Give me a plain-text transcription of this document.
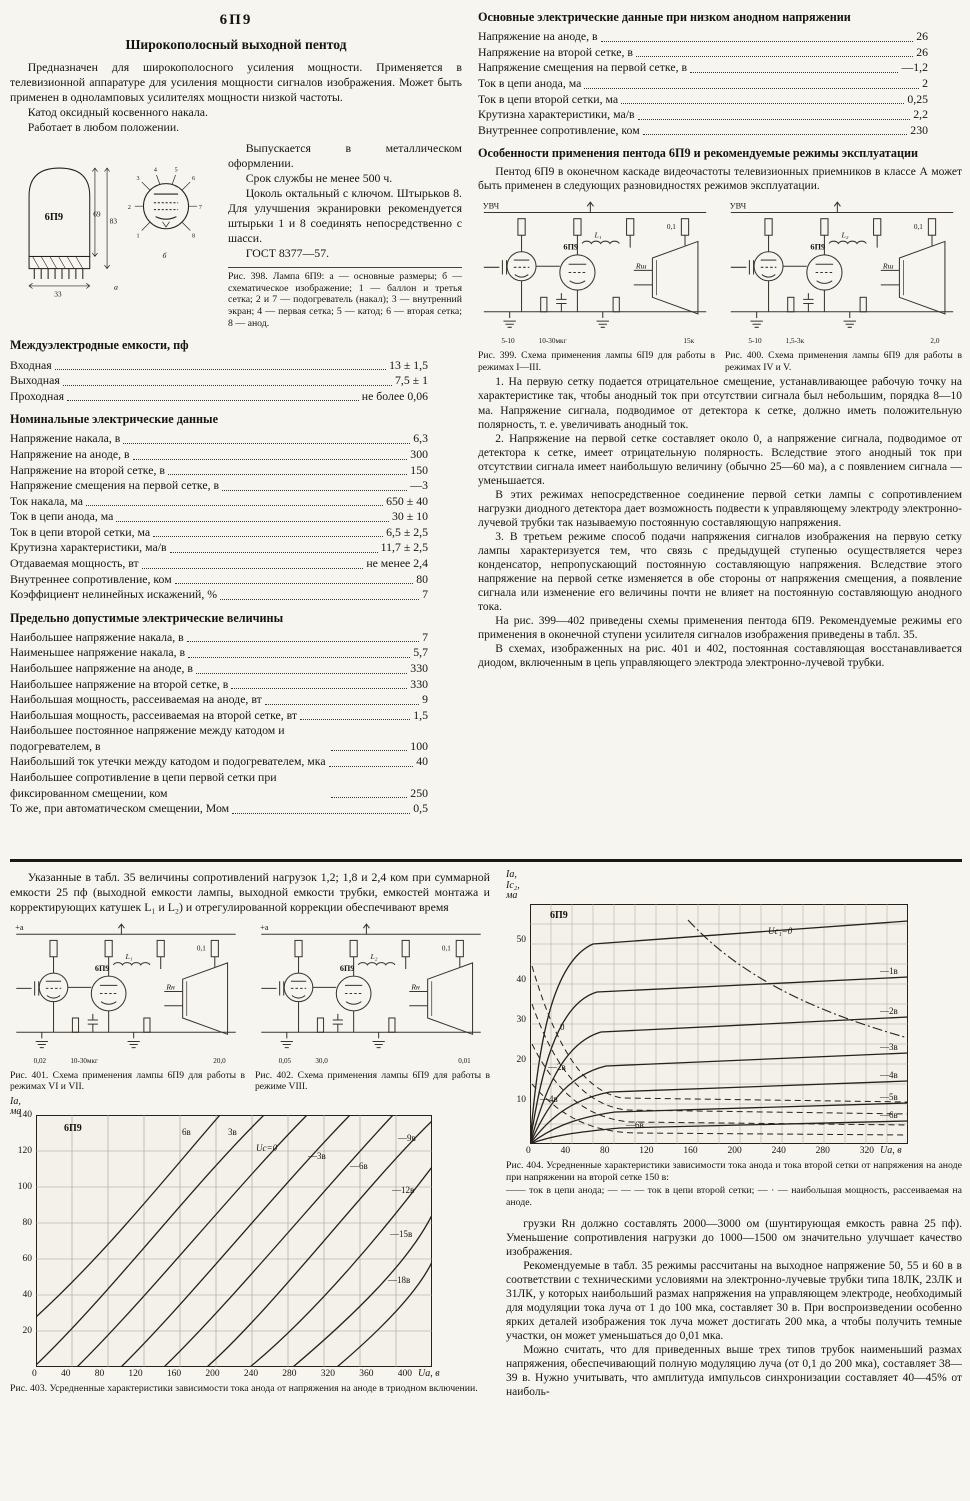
6П9
Широкополосный выходной пентод

Предназначен для широкополосного усиления мощности. Применяется в телевизионной аппаратуре для усиления мощности сигналов изображения. Может быть применен в одноламповых усилителях мощности низкой частоты.

Катод оксидный косвенного накала.

Работает в любом положении.

6П9	69
83
33
а
б
1
2
3
4	5
6
7
8

Выпускается в металлическом оформлении.

Срок службы не менее 500 ч.

Цоколь октальный с ключом. Штырьков 8. Для улучшения экранировки рекомендуется штырьки 1 и 8 соединять непосредственно с шасси.

ГОСТ 8377—57.

Рис. 398. Лампа 6П9: а — основные размеры; б — схематическое изображение; 1 — баллон и третья сетка; 2 и 7 — подогреватель (накал); 3 — внутренний экран; 4 — первая сетка; 5 — катод; 6 — вторая сетка; 8 — анод.
Междуэлектродные емкости, пф
Входная	13 ± 1,5
Выходная	7,5 ± 1
Проходная	не более 0,06
Номинальные электрические данные
Напряжение накала, в	6,3
Напряжение на аноде, в	300
Напряжение на второй сетке, в	150
Напряжение смещения на первой сетке, в	—3
Ток накала, ма	650 ± 40
Ток в цепи анода, ма	30 ± 10
Ток в цепи второй сетки, ма	6,5 ± 2,5
Крутизна характеристики, ма/в	11,7 ± 2,5
Отдаваемая мощность, вт	не менее 2,4
Внутреннее сопротивление, ком	80
Коэффициент нелинейных искажений, %	7
Предельно допустимые электрические величины
Наибольшее напряжение накала, в	7
Наименьшее напряжение накала, в	5,7
Наибольшее напряжение на аноде, в	330
Наибольшее напряжение на второй сетке, в	330
Наибольшая мощность, рассеиваемая на аноде, вт	9
Наибольшая мощность, рассеиваемая на второй сетке, вт	1,5
Наибольшее постоянное напряжение между катодом и подогревателем, в	100
Наибольший ток утечки между катодом и подогревателем, мка	40
Наибольшее сопротивление в цепи первой сетки при фиксированном смещении, ком	250
То же, при автоматическом смещении, Мом	0,5
Основные электрические данные при низком анодном напряжении
Напряжение на аноде, в	26
Напряжение на второй сетке, в	26
Напряжение смещения на первой сетке, в	—1,2
Ток в цепи анода, ма	2
Ток в цепи второй сетки, ма	0,25
Крутизна характеристики, ма/в	2,2
Внутреннее сопротивление, ком	230
Особенности применения пентода 6П9 и рекомендуемые режимы эксплуатации

Пентод 6П9 в оконечном каскаде видеочастоты телевизионных приемников в классе А может быть применен в следующих разновидностях режимов эксплуатации.

УВЧ
6П9
L₁
Rш
5-10	10-30мкг
0,1
15к
Рис. 399. Схема применения лампы 6П9 для работы в режимах I—III.
УВЧ
6П9
L₂
Rш
5-10	1,5-3к
0,1
2,0
Рис. 400. Схема применения лампы 6П9 для работы в режимах IV и V.

1. На первую сетку подается отрицательное смещение, устанавливающее рабочую точку на характеристике так, чтобы анодный ток при отсутствии сигнала был небольшим, порядка 8—10 ма. Напряжение сигнала, подводимое от детектора к сетке, должно иметь положительную полярность, т. е. увеличивать анодный ток.

2. Напряжение на первой сетке составляет около 0, а напряжение сигнала, подводимое от детектора к сетке, имеет отрицательную полярность. Вследствие этого анодный ток при отсутствии сигнала имеет наибольшую величину (обычно 25—60 ма), а с появлением сигнала — уменьшается.

В этих режимах непосредственное соединение первой сетки лампы с сопротивлением нагрузки диодного детектора дает возможность подвести к управляющему электроду электронно-лучевой трубки так называемую постоянную составляющую напряжения.

3. В третьем режиме способ подачи напряжения сигналов изображения на первую сетку лампы характеризуется тем, что связь с предыдущей ступенью осуществляется через конденсатор, непропускающий постоянную составляющую напряжения. Вследствие этого напряжение на первой сетке изменяется в обе стороны от напряжения смещения, а появление сигнала или изменение его величины почти не влияет на постоянную составляющую анодного тока.

На рис. 399—402 приведены схемы применения пентода 6П9. Рекомендуемые режимы его применения в оконечной ступени усилителя сигналов изображения приведены в табл. 35.

В схемах, изображенных на рис. 401 и 402, постоянная составляющая восстанавливается диодом, включенным в цепь управляющего электрода электронно-лучевой трубки.

Указанные в табл. 35 величины сопротивлений нагрузок 1,2; 1,8 и 2,4 ком при суммарной емкости 25 пф (выходной емкости лампы, выходной емкости трубки, емкостей монтажа и корректирующих катушек L₁ и L₂) и отрегулированной коррекции обеспечивают время

+а
6П9
L₁
Rн
0,02	10-30мкг
0,1
20,0
Рис. 401. Схема применения лампы 6П9 для работы в режимах VI и VII.
+а
6П9
L₂
Rн
0,05	30,0
0,1
0,01
Рис. 402. Схема применения лампы 6П9 для работы в режиме VIII.
Iа,
ма
140
120
100
80
60
40
20
6П9	6в	3в
Uc=0
—3в
—6в
—9в
—12в
—15в
—18в
0	40	80	120	160	200	240	280	320	360	400 Uа, в

Рис. 403. Усредненные характеристики зависимости тока анода от напряжения на аноде в триодном включении.

Iа,
Iс₂,
ма
50
40
30
20
10
6П9
Uc₁=0
—1в
—2в
—3в
—4в
—5в
—6в
0
—2в
—4в
—6в
0	40	80	120	160	200	240	280	320 Uа, в

Рис. 404. Усредненные характеристики зависимости тока анода и тока второй сетки от напряжения на аноде при напряжении на второй сетке 150 в:

—— ток в цепи анода; — — — ток в цепи второй сетки; — · — наибольшая мощность, рассеиваемая на аноде.

грузки Rн должно составлять 2000—3000 ом (шунтирующая емкость равна 25 пф). Уменьшение сопротивления нагрузки до 1000—1500 ом значительно улучшает качество изображения.

Рекомендуемые в табл. 35 режимы рассчитаны на выходное напряжение 50, 55 и 60 в в соответствии с техническими условиями на электронно-лучевые трубки типа 18ЛК, 23ЛК и 31ЛК, у которых наибольший размах напряжения на управляющем электроде, необходимый для модуляции тока луча от 1 до 100 мка, составляет 30 в. При воспроизведении особенно ярких деталей изображения ток луча может достигать 200 мка, а чтобы получить темные участки, он может уменьшаться до 0,01 мка.

Можно считать, что для приведенных выше трех типов трубок наименьший размах напряжения, обеспечивающий полную модуляцию луча (от 0,1 до 200 мка), составляет 38—39 в. Нужно учитывать, что амплитуда импульсов синхронизации составляет 40—45% от наиболь-
